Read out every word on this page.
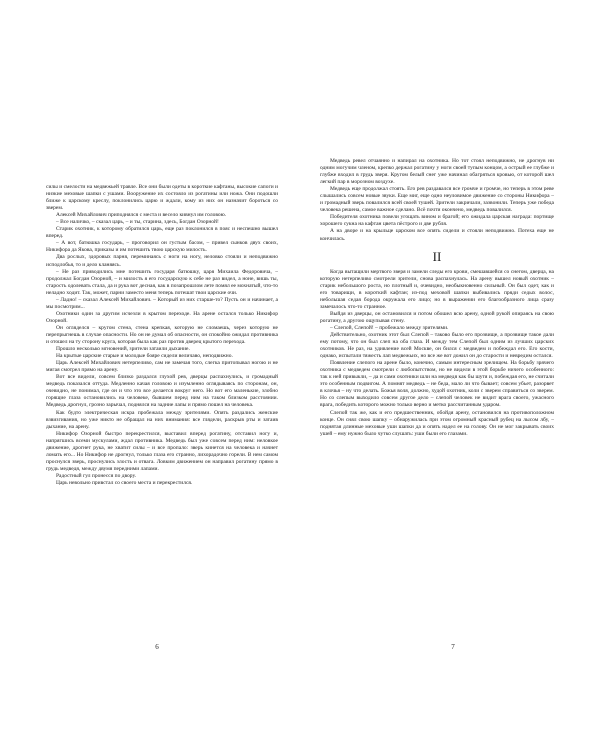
силы и смелости на медвежьей травле. Все они были одеты в короткие кафтаны, высокие сапоги и низкие меховые шапки с ушами. Вооружение их состояло из рогатины или ножа. Они подошли ближе к царскому креслу, поклонились царю и ждали, кому из них он назначит бороться со зверем.

Алексей Михайлович приподнялся с места и весело кивнул им головою.

– Все наличко, – сказал царь, – и ты, старина, здесь, Богдан Озорной!

Старик охотник, к которому обратился царь, еще раз поклонился в пояс и неспешно вышел вперед.

– А вот, батюшка государь, – проговорил он густым басом, – привел сынков двух своих, Никифора да Якова, приказы и им потешить твою царскую милость.

Два рослых, здоровых парня, переминаясь с ноги на ногу, неловко стояли и неподвижно исподлобья, то и дело кланяясь.

– Не раз приводились мне потешить государя батюшку, царя Михаила Федоровича, – продолжал Богдан Озорной, – и милость я его государскую к себе не раз видел, а ноне, вишь ты, старость одолевать стала, да и рука вот десная, как в позапрошлом лете помял ее мохнатый, что-то неладно ходит. Так, может, парни заместо меня теперь потешат твои царские очи.

– Ладно! – сказал Алексей Михайлович. – Который из них старше-то? Пусть он и начинает, а мы посмотрим...

Охотники один за другим исчезли в крытом переходе. На арене остался только Никифор Озорной.

Он огляделся – кругом стена, стена крепкая, которую не сломаешь, через которую не перепрыгнешь в случае опасности. Но он не думал об опасности, он спокойно ожидал противника и отошел на ту сторону круга, которая была как раз против дверец крытого перехода.

Прошло несколько мгновений, зрители затаили дыхание.

На крытые царские старые и молодые бояре сидели величаво, неподвижно.

Царь Алексей Михайлович нетерпеливо, сам не замечая того, слегка притопывал ногою и не мигая смотрел прямо на арену.

Вот все видели, совсем близко раздался глухой рев, дверцы распахнулись, и громадный медведь показался оттуда. Медленно качая головою и изумленно оглядываясь по сторонам, он, очевидно, не понимал, где он и что это все делается вокруг него. Но вот его маленькие, злобно горящие глаза остановились на человеке, бывшем перед ним на таком близком расстоянии. Медведь дрогнул, грозно зарычал, поднялся на задние лапы и прямо пошел на человека.

Как будто электрическая искра пробежала между зрителями. Опять раздались женские взвизгивания, но уже никто не обращал на них внимания: все глядели, раскрыв рты и затаив дыхание, на арену.

Никифор Озорной быстро перекрестился, выставил вперед рогатину, отставил ногу и, напрягшись всеми мускулами, ждал противника. Медведь был уже совсем перед ним: неловкое движение, дрогнет рука, не хватит силы – и все пропало: зверь кинется на человека и начнет ломать его... Но Никифор не дрогнул, только глаза его странно, лихорадочно горели. В нем самом проснулся зверь, проснулись злость и отвага. Ловким движением он направил рогатину прямо в грудь медведя, между двумя передними лапами.

Радостный гул пронесся по двору.

Царь невольно привстал со своего места и перекрестился.

6

Медведь ревел отчаянно и напирал на охотника. Но тот стоял неподвижно, не дрогнув ни одним могучим членом, крепко держал рогатину у ноги своей тупым концом, а острый ее глубже и глубже входил в грудь зверя. Кругом белый снег уже начинал обагряться кровью, от которой шел легкий пар в морозном воздухе.

Медведь еще продолжал стоять. Его рев раздавался все громче и громче, но теперь в этом реве слышались совсем новые звуки. Еще миг, еще одно неуловимое движение со стороны Никифора – и громадный зверь повалился всей своей тушей. Зрители закричали, зазвонили. Теперь уже победа человека решена, самое важное сделано. Всё почти окончено, медведь повалился.

Победителя охотника повели угощать вином и брагой; его ожидала царская награда: портище хорошего сукна на кафтан цвета пёстрого и две рубля.

А на дворе и на крыльце царском все опять сидели и стояли неподвижно. Потеха еще не кончилась.

II

Когда вытащили мертвого зверя и замели следы его крови, смешавшейся со снегом, дверца, на которую нетерпеливо смотрели зрители, снова распахнулась. На арену вышел новый охотник – старик небольшого роста, но плотный и, очевидно, необыкновенно сильный. Он был одет, как и его товарищи, в короткий кафтан; из-под меховой шапки выбивались пряди седых волос, небольшая седая борода окружала его лицо; но в выражении его благообразного лица сразу замечалось что-то странное.

Выйдя из дверцы, он остановился и потом обошел всю арену, одной рукой опираясь на свою рогатину, а другою ощупывая стену.

– Слепой, Слепой! – пробежало между зрителями.

Действительно, охотник этот был Слепой – таково было его прозвище, а прозвище такое дали ему потому, что он был слеп на оба глаза. И между тем Слепой был одним из лучших царских охотников. Не раз, на удивление всей Москве, он бился с медведем и побеждал его. Его кости, однако, испытали тяжесть лап медвежьих, но все же вот дожил он до старости и невредим остался.

Появление слепого на арене было, конечно, самым интересным зрелищем. На борьбу зрячего охотника с медведем смотрели с любопытством, но не видели в этой борьбе ничего особенного: так к ней привыкли, – да и сами охотники шли на медведя как бы шутя и, побеждая его, не считали это особенным подвигом. А помнят медведь – не беда, мало ли что бывает; совсем убьет, разорвет в клочья – ну что делать. Божья воля, должно, худой охотник, коли с зверем справиться со зверем. Но со слепым выходило совсем другое дело – слепой человек не видит врага своего, ужасного врага, победить которого можно только верно и метко рассчитанным ударом.

Слепой так же, как и его предшественник, обойдя арену, остановился на противоположном конце. Он снял свою шапку – обнаружилась при этом огромный красный рубец на лысом лбу, – поднятая длинные меховые уши шапки да и опять надел ее на голову. Он не мог закрывать своих ушей – ему нужно было чутко слушать: уши были его глазами.

7
